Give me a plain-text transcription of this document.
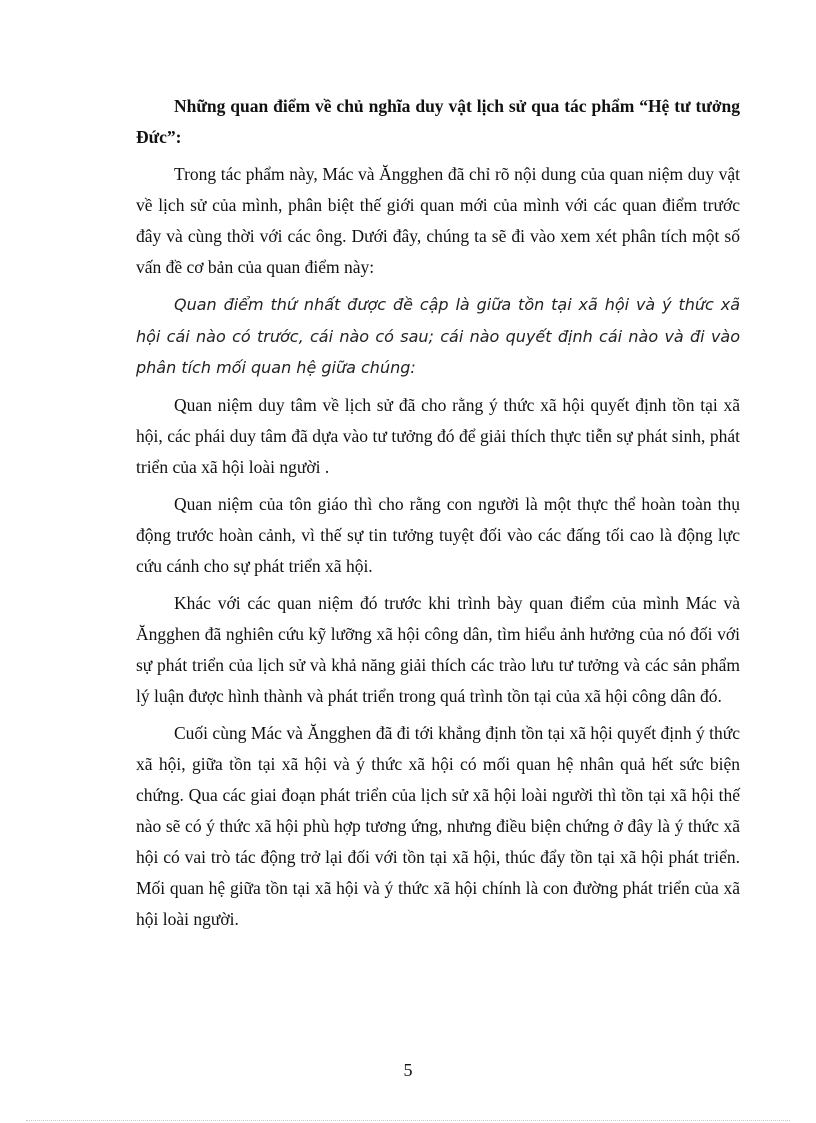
Những quan điểm về chủ nghĩa duy vật lịch sử qua tác phẩm “Hệ tư tưởng Đức”:

Trong tác phẩm này, Mác và Ăngghen đã chỉ rõ nội dung của quan niệm duy vật về lịch sử của mình, phân biệt thế giới quan mới của mình với các quan điểm trước đây và cùng thời với các ông. Dưới đây, chúng ta sẽ đi vào xem xét phân tích một số vấn đề cơ bản của quan điểm này:

Quan điểm thứ nhất được đề cập là giữa tồn tại xã hội và ý thức xã hội cái nào có trước, cái nào có sau; cái nào quyết định cái nào và đi vào phân tích mối quan hệ giữa chúng:

Quan niệm duy tâm về lịch sử đã cho rằng ý thức xã hội quyết định tồn tại xã hội, các phái duy tâm đã dựa vào tư tưởng đó để giải thích thực tiễn sự phát sinh, phát triển của xã hội loài người .

Quan niệm của tôn giáo thì cho rằng con người là một thực thể hoàn toàn thụ động trước hoàn cảnh, vì thế sự tin tưởng tuyệt đối vào các đấng tối cao là động lực cứu cánh cho sự phát triển xã hội.

Khác với các quan niệm đó trước khi trình bày quan điểm của mình Mác và Ăngghen đã nghiên cứu kỹ lưỡng xã hội công dân, tìm hiểu ảnh hưởng của nó đối với sự phát triển của lịch sử và khả năng giải thích các trào lưu tư tưởng và các sản phẩm lý luận được hình thành và phát triển trong quá trình tồn tại của xã hội công dân đó.

Cuối cùng Mác và Ăngghen đã đi tới khẳng định tồn tại xã hội quyết định ý thức xã hội, giữa tồn tại xã hội và ý thức xã hội có mối quan hệ nhân quả hết sức biện chứng. Qua các giai đoạn phát triển của lịch sử xã hội loài người thì tồn tại xã hội thế nào sẽ có ý thức xã hội phù hợp tương ứng, nhưng điều biện chứng ở đây là ý thức xã hội có vai trò tác động trở lại đối với tồn tại xã hội, thúc đẩy tồn tại xã hội phát triển. Mối quan hệ giữa tồn tại xã hội và ý thức xã hội chính là con đường phát triển của xã hội loài người.

5
